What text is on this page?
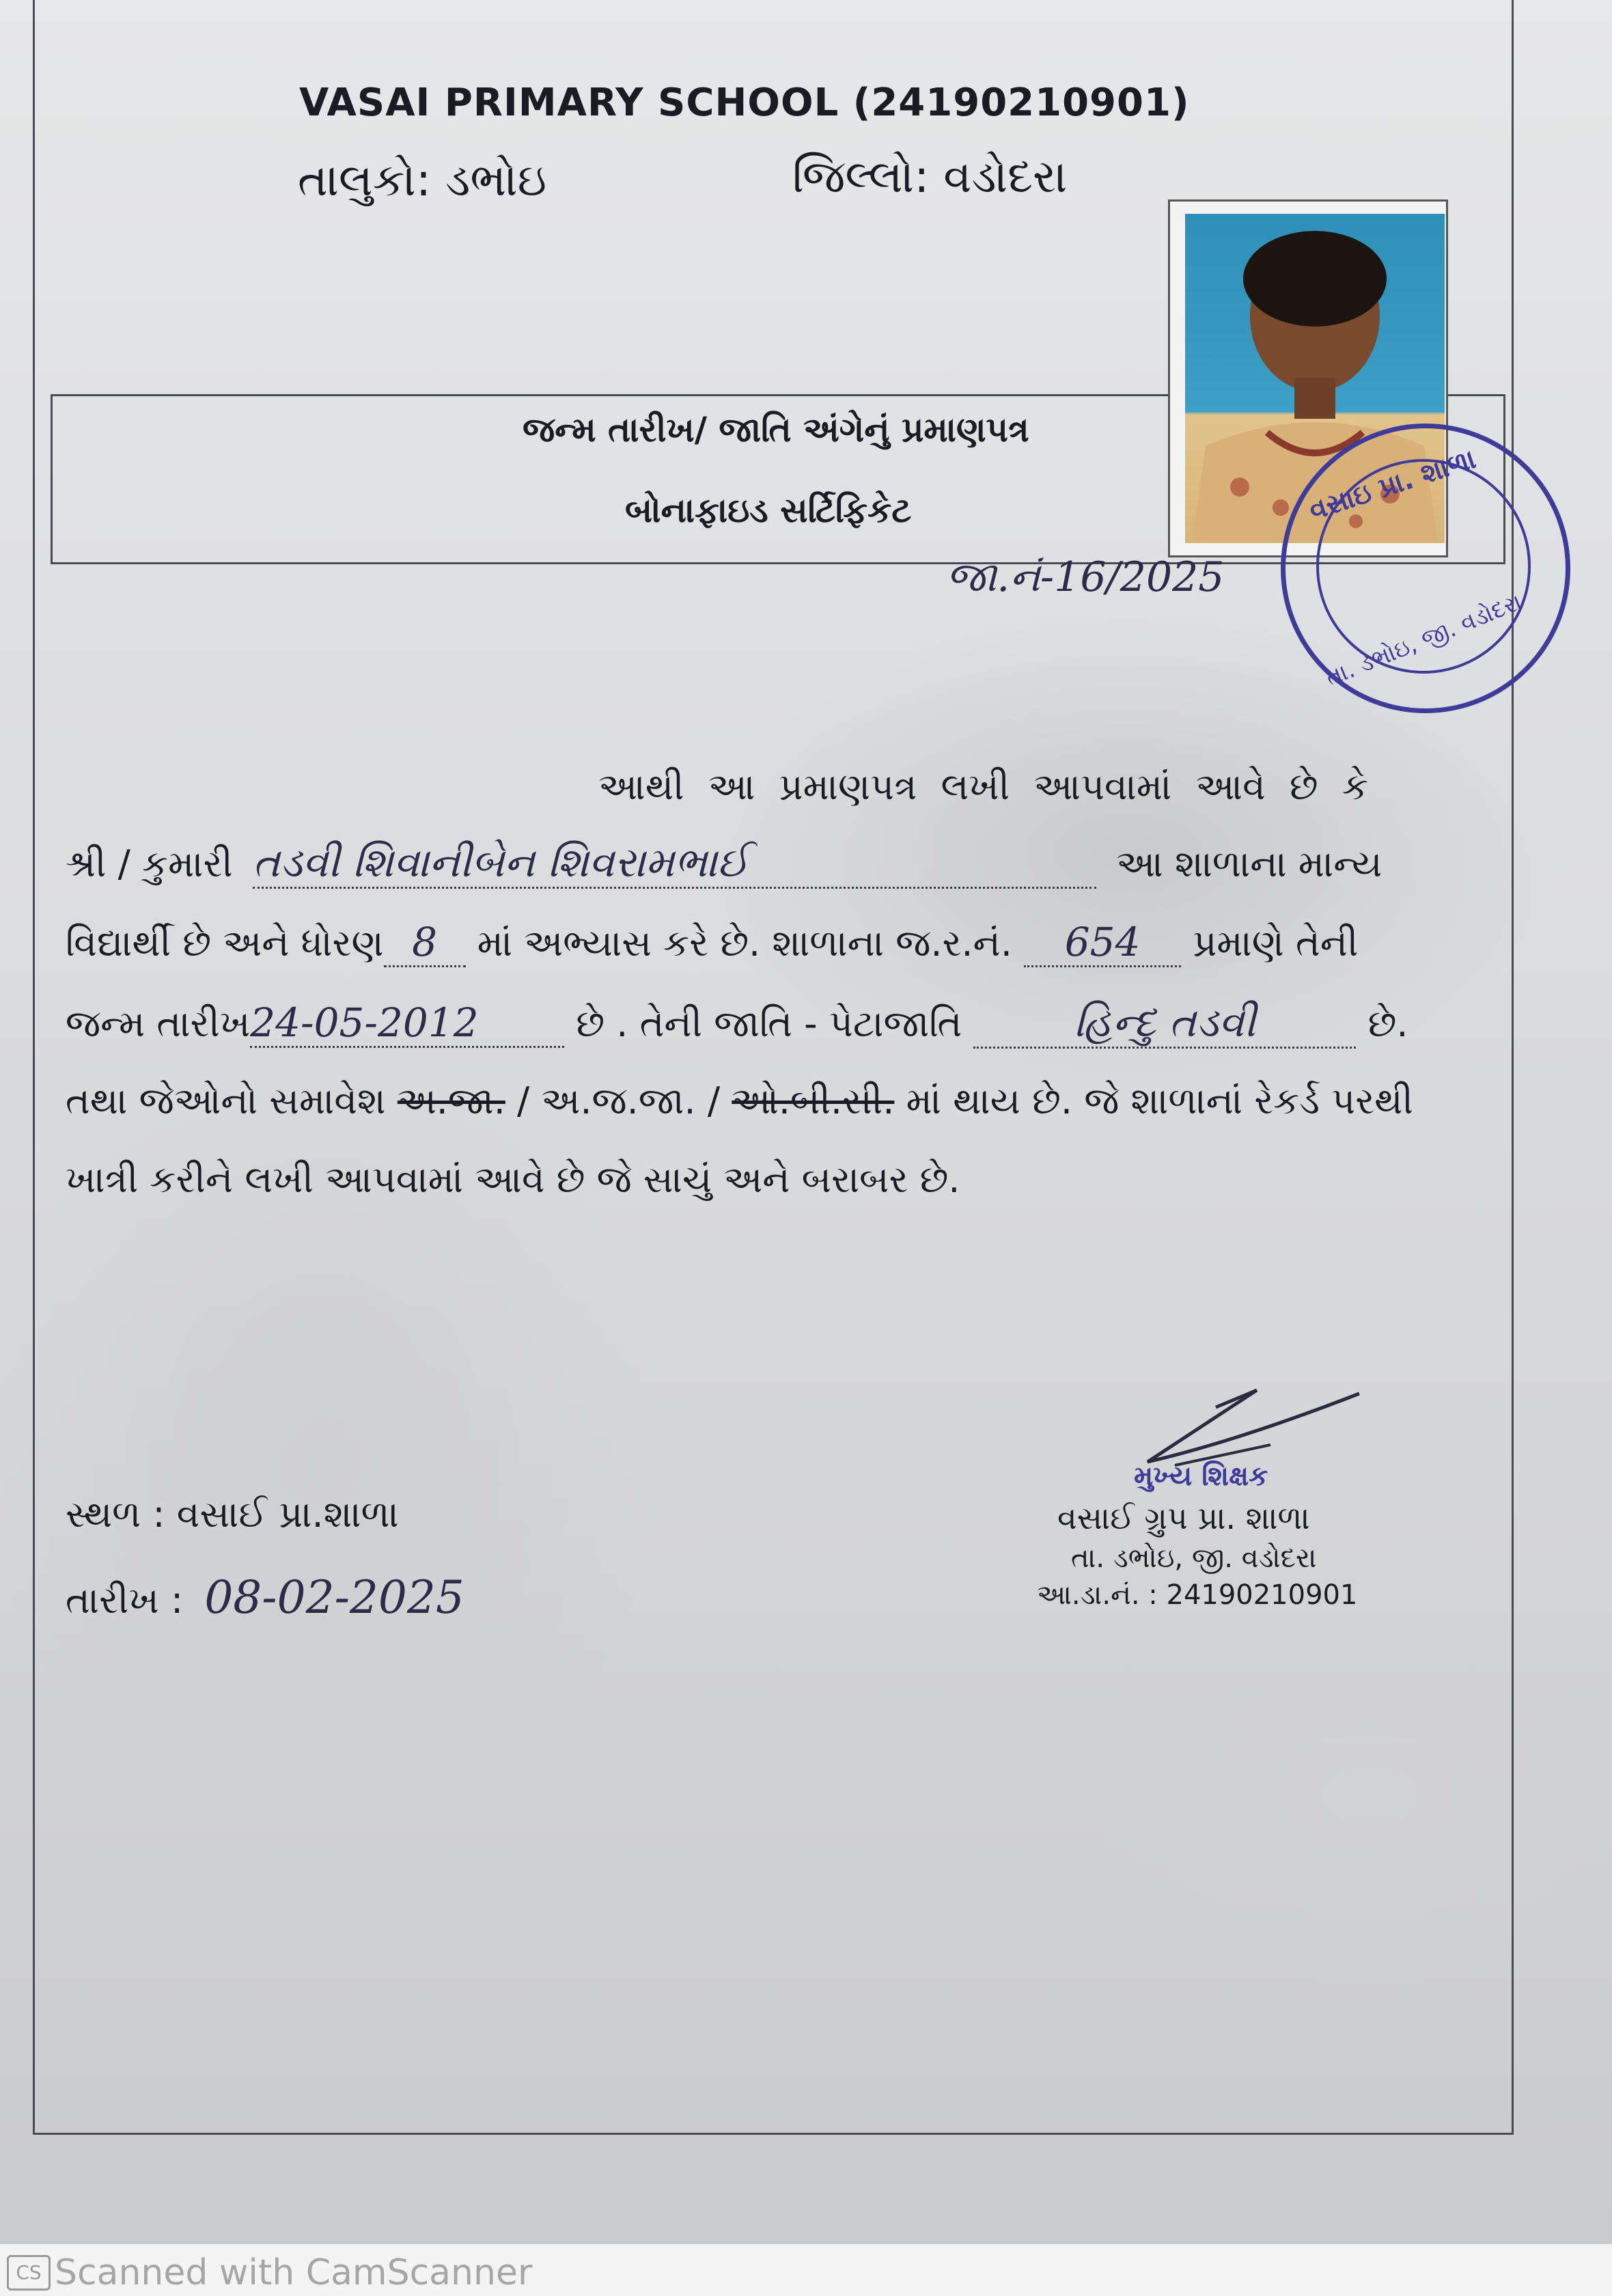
VASAI PRIMARY SCHOOL (24190210901)
તાલુકો: ડભોઇ	જિલ્લો: વડોદરા
જન્મ તારીખ/ જાતિ અંગેનું પ્રમાણપત્ર
બોનાફાઇડ સર્ટિફિકેટ	વસાઇ પ્રા. શાળા
તા. ડભોઇ, જી. વડોદરા
જા.નં-16/2025
આથી આ પ્રમાણપત્ર લખી આપવામાં આવે છે કે
શ્રી / કુમારી તડવી શિવાનીબેન શિવરામભાઈ	આ શાળાના માન્ય
વિદ્યાર્થી છે અને ધોરણ 8 માં અભ્યાસ કરે છે. શાળાના જ.ર.નં. 654 પ્રમાણે તેની
જન્મ તારીખ24-05-2012	છે . તેની જાતિ - પેટાજાતિ	હિન્દુ તડવી	છે.
તથા જેઓનો સમાવેશ અ.જા. / અ.જ.જા. / ઓ.બી.સી. માં થાય છે. જે શાળાનાં રેકર્ડ પરથી
ખાત્રી કરીને લખી આપવામાં આવે છે જે સાચું અને બરાબર છે.
મુખ્ય શિક્ષક
વસાઈ ગ્રુપ પ્રા. શાળા
તા. ડભોઇ, જી. વડોદરા
આ.ડા.નં. : 24190210901
સ્થળ : વસાઈ પ્રા.શાળા
તારીખ : 08-02-2025
CS Scanned with CamScanner
